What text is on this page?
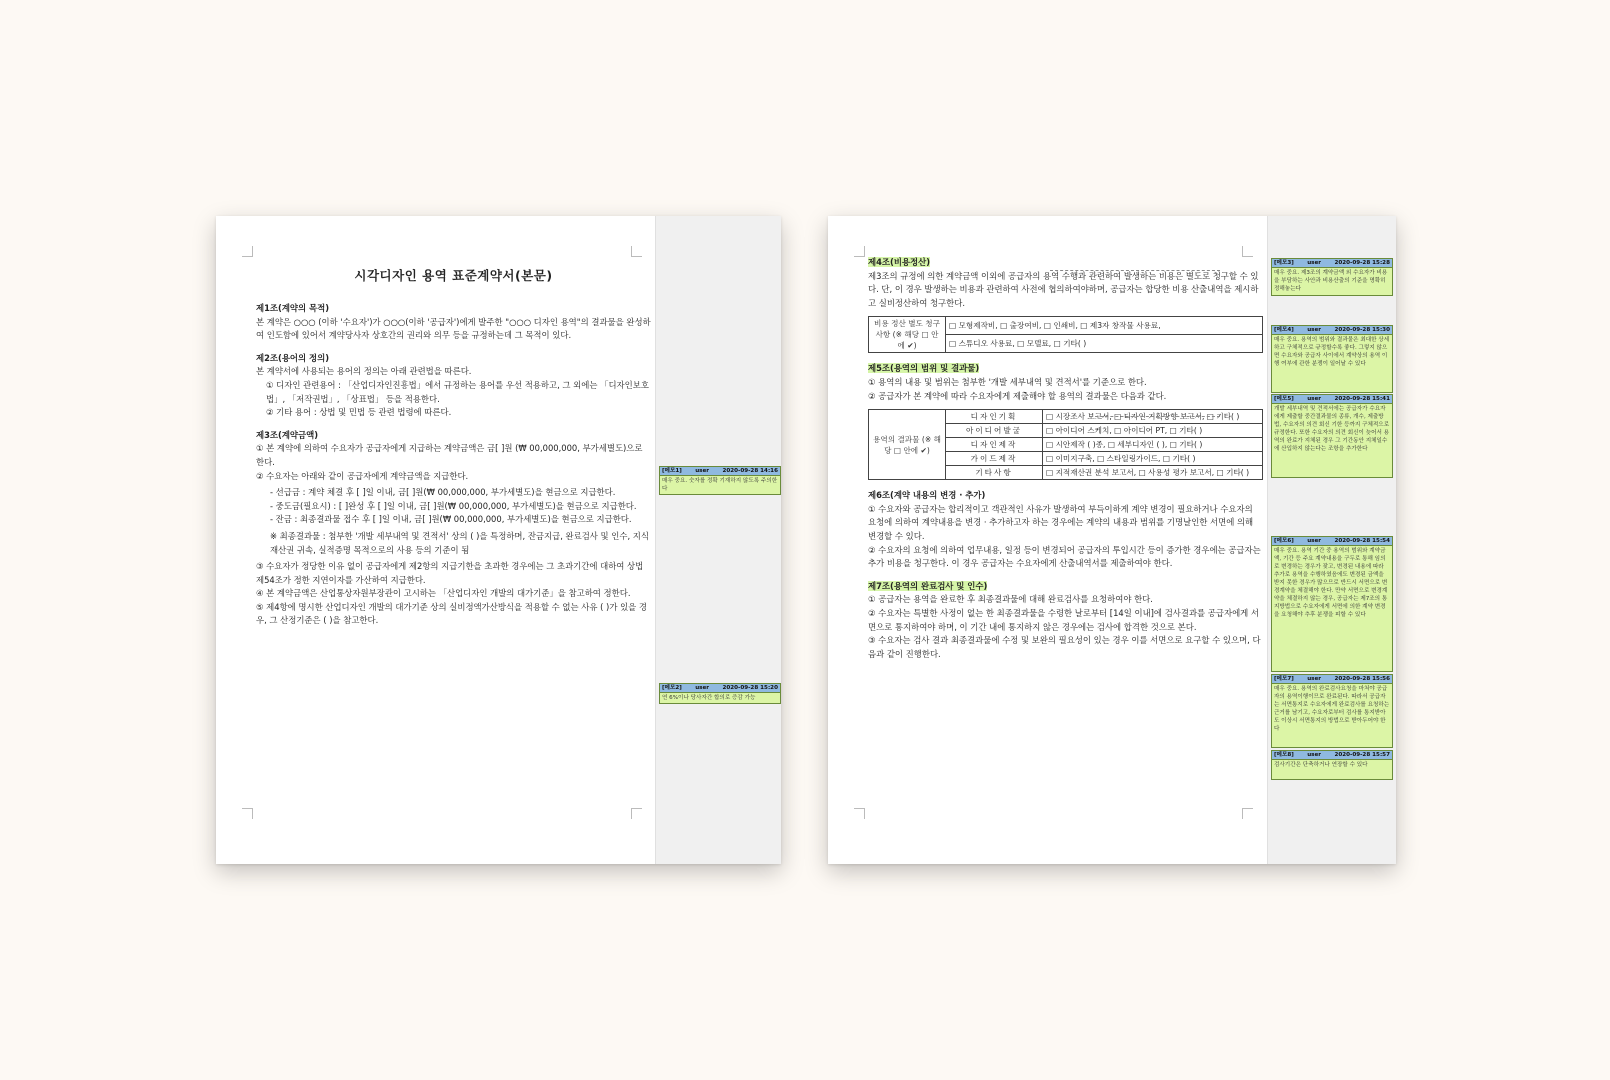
시각디자인 용역 표준계약서(본문)
제1조(계약의 목적)

본 계약은 ○○○ (이하 '수요자')가 ○○○(이하 '공급자')에게 발주한 "○○○ 디자인 용역"의 결과물을 완성하여 인도함에 있어서 계약당사자 상호간의 권리와 의무 등을 규정하는데 그 목적이 있다.

제2조(용어의 정의)

본 계약서에 사용되는 용어의 정의는 아래 관련법을 따른다.

① 디자인 관련용어 : 「산업디자인진흥법」에서 규정하는 용어를 우선 적용하고, 그 외에는 「디자인보호법」, 「저작권법」, 「상표법」 등을 적용한다.

② 기타 용어 : 상법 및 민법 등 관련 법령에 따른다.

제3조(계약금액)

① 본 계약에 의하여 수요자가 공급자에게 지급하는 계약금액은 금[ ]원 (₩ 00,000,000, 부가세별도)으로 한다.

② 수요자는 아래와 같이 공급자에게 계약금액을 지급한다.

- 선급금 : 계약 체결 후 [ ]일 이내, 금[ ]원(₩ 00,000,000, 부가세별도)을 현금으로 지급한다.

- 중도금(필요시) : [ ]완성 후 [ ]일 이내, 금[ ]원(₩ 00,000,000, 부가세별도)을 현금으로 지급한다.

- 잔금 : 최종결과물 접수 후 [ ]일 이내, 금[ ]원(₩ 00,000,000, 부가세별도)을 현금으로 지급한다.

※ 최종결과물 : 첨부한 '개발 세부내역 및 견적서' 상의 ( )을 특정하며, 잔금지급, 완료검사 및 인수, 지식재산권 귀속, 실적증명 목적으로의 사용 등의 기준이 됨

③ 수요자가 정당한 이유 없이 공급자에게 제2항의 지급기한을 초과한 경우에는 그 초과기간에 대하여 상법 제54조가 정한 지연이자를 가산하여 지급한다.

④ 본 계약금액은 산업통상자원부장관이 고시하는 「산업디자인 개발의 대가기준」을 참고하여 정한다.

⑤ 제4항에 명시한 산업디자인 개발의 대가기준 상의 실비정액가산방식을 적용할 수 없는 사유 ( )가 있을 경우, 그 산정기준은 ( )을 참고한다.

[메모1] user 2020-09-28 14:16
매우 중요. 숫자를 정확 기재하지 않도록 주의한다
[메모2] user 2020-09-28 15:20
연 6%이나 당사자간 합의로 증감 가능
제4조(비용정산)

제3조의 규정에 의한 계약금액 이외에 공급자의 용역 수행과 관련하여 발생하는 비용은 별도로 청구할 수 있다. 단, 이 경우 발생하는 비용과 관련하여 사전에 협의하여야하며, 공급자는 합당한 비용 산출내역을 제시하고 실비정산하여 청구한다.

비용 정산 별도 청구 사항 (※ 해당 □ 안에 ✔)	□ 모형제작비, □ 출장여비, □ 인쇄비, □ 제3자 창작물 사용료,
□ 스튜디오 사용료, □ 모델료, □ 기타( )
제5조(용역의 범위 및 결과물)

① 용역의 내용 및 범위는 첨부한 '개발 세부내역 및 견적서'를 기준으로 한다.

② 공급자가 본 계약에 따라 수요자에게 제출해야 할 용역의 결과물은 다음과 같다.

용역의 결과물 (※ 해당 □ 안에 ✔)	디자인기획	□ 시장조사 보고서, □ 디자인 기획방향 보고서, □ 기타( )
	아이디어발굴	□ 아이디어 스케치, □ 아이디어 PT, □ 기타( )
	디자인제작	□ 시안제작 ( )종, □ 세부디자인 ( ), □ 기타( )
	가이드제작	□ 이미지구축, □ 스타일링가이드, □ 기타( )
	기타사항	□ 지적재산권 분석 보고서, □ 사용성 평가 보고서, □ 기타( )
제6조(계약 내용의 변경 · 추가)

① 수요자와 공급자는 합리적이고 객관적인 사유가 발생하여 부득이하게 계약 변경이 필요하거나 수요자의 요청에 의하여 계약내용을 변경 · 추가하고자 하는 경우에는 계약의 내용과 범위를 기명날인한 서면에 의해 변경할 수 있다.

② 수요자의 요청에 의하여 업무내용, 일정 등이 변경되어 공급자의 투입시간 등이 증가한 경우에는 공급자는 추가 비용을 청구한다. 이 경우 공급자는 수요자에게 산출내역서를 제출하여야 한다.

제7조(용역의 완료검사 및 인수)

① 공급자는 용역을 완료한 후 최종결과물에 대해 완료검사를 요청하여야 한다.

② 수요자는 특별한 사정이 없는 한 최종결과물을 수령한 날로부터 [14일 이내]에 검사결과를 공급자에게 서면으로 통지하여야 하며, 이 기간 내에 통지하지 않은 경우에는 검사에 합격한 것으로 본다.

③ 수요자는 검사 결과 최종결과물에 수정 및 보완의 필요성이 있는 경우 이를 서면으로 요구할 수 있으며, 다음과 같이 진행한다.

[메모3] user 2020-09-28 15:28
매우 중요. 제3조의 계약금액 외 수요자가 비용을 부담하는 사안과 비용산출의 기준을 명확히 정해놓는다
[메모4] user 2020-09-28 15:30
매우 중요. 용역의 범위와 결과물은 최대한 상세하고 구체적으로 규정할수록 좋다. 그렇지 않으면 수요자와 공급자 사이에서 계약상의 용역 이행 여부에 관한 분쟁이 일어날 수 있다
[메모5] user 2020-09-28 15:41
개발 세부내역 및 견적서에는 공급자가 수요자에게 제출할 중간결과물의 종류, 개수, 제출방법, 수요자의 의견 회신 기한 등까지 구체적으로 규정한다. 또한 수요자의 의견 회신이 늦어서 용역의 완료가 지체된 경우 그 기간동안 지체일수에 산입하지 않는다는 조항을 추가한다
[메모6] user 2020-09-28 15:54
매우 중요. 용역 기간 중 용역의 범위와 계약금액, 기간 등 주요 계약내용을 구두로 통해 임의로 변경하는 경우가 잦고, 변경된 내용에 따라 추가로 용역을 수행하였음에도 변경된 금액을 받지 못한 경우가 많으므로 반드시 서면으로 변경계약을 체결해야 한다. 만약 서면으로 변경계약을 체결하지 않는 경우, 공급자는 제7조의 통지방법으로 수요자에게 서면에 의한 계약 변경을 요청해야 추후 분쟁을 피할 수 있다
[메모7] user 2020-09-28 15:56
매우 중요. 용역의 완료검사요청을 마쳐야 공급자의 용역이행이므로 완료된다. 따라서 공급자는 서면통지로 수요자에게 완료검사를 요청하는 근거를 남기고, 수요자로부터 검사를 통지받아도 이상시 서면통지의 방법으로 받아두어야 한다
[메모8] user 2020-09-28 15:57
검사기간은 단축하거나 연장할 수 있다
